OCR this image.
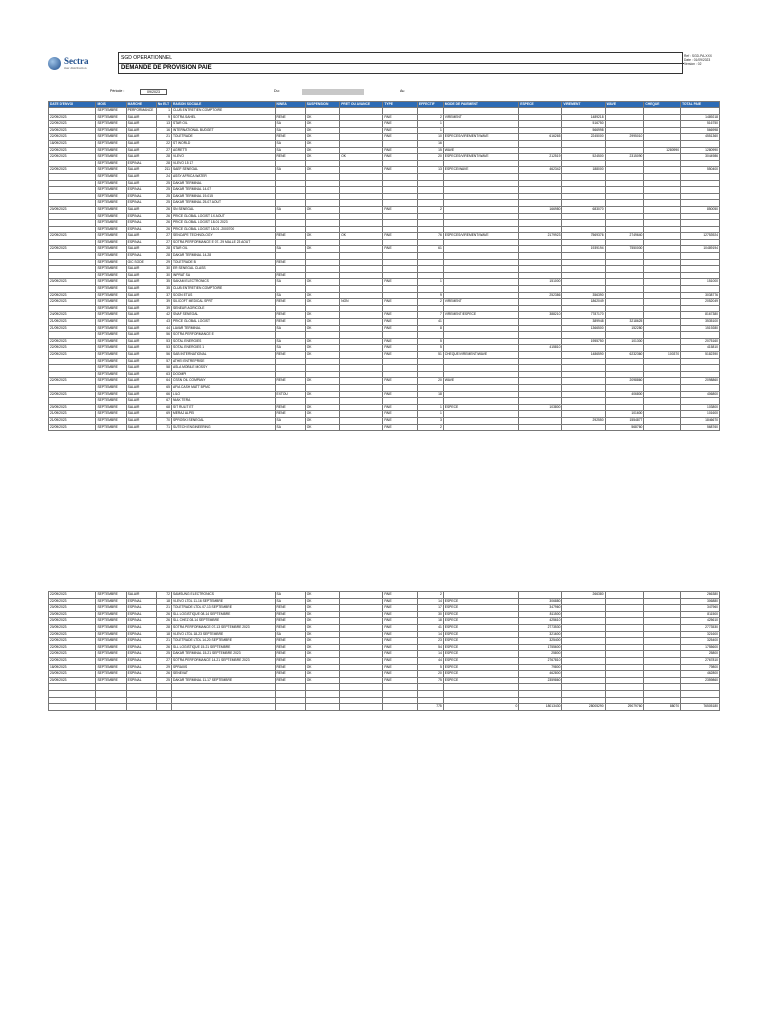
Sectra
mer distribution
SGD OPERATIONNEL
DEMANDE DE PROVISION PAIE
Ref : SGD-PA-XXX
Date : 01/09/2023
Version : 02
Période :	09/2023	Du:	Au
DATE D'ENVOI	MOIS	MARCHE	No ELT	RAISON SOCIALE	NINEA	SUSPENSION	PRET OU AVANCE	TYPE	EFFECTIF	MODE DE PAIEMENT	ESPECE	VIREMENT	WAVE	CHEQUE	TOTAL PAIE
	SEPTEMBRE	PERFORMANCE	1	CLUB ENTRETIEN COMPTOIRE											
22/09/2023	SEPTEMBRE	SALAIR	9	SOTRA SAHEL	RENE	OK		PAIE	2	VIREMENT		1489218			1489218
22/09/2023	SEPTEMBRE	SALAIR	13	STAR OIL	SA	OK		PAIE	1			516750			516750
20/09/2023	SEPTEMBRE	SALAIR	16	INTERNATIONAL BUDGET	SA	OK		PAIE	1			566998			566998
22/09/2023	SEPTEMBRE	SALAIR	21	TOLETRADE	RENE	OK		PAIE	10	ESPECES/VIREMENT/WAVE	616265	2245000	2995010		4551360
18/09/2023	SEPTEMBRE	SALAIR	22	ST WORLD	SA	OK			16						
22/09/2023	SEPTEMBRE	SALAIR	27	AGRETTI	SA	OK		PAIE	15	WAVE				1280990	1280990
22/09/2023	SEPTEMBRE	SALAIR	28	VLEVO	RENE	OK	OK	PAIE	20	ESPECES/VIREMENT/WAVE	212519	524500	2315090		3044986
	SEPTEMBRE	ESPINAL	28	VLEVO 15 17											
22/09/2023	SEPTEMBRE	SALAIR	211	SAEF SENEGAL	SA	OK		PAIE	13	ESPECE/WAVE	462342	188000			550400
	SEPTEMBRE	SALAIR	24	ASSY AFRICA WATER											
	SEPTEMBRE	SALAIR	25	DAKAR TERMINAL											
	SEPTEMBRE	ESPINAL	25	DAKAR TERMINAL 14-07											
	SEPTEMBRE	ESPINAL	25	DAKAR TERMINAL 19-015											
	SEPTEMBRE	ESPINAL	25	DAKAR TERMINAL 25-07 AOUT											
20/09/2023	SEPTEMBRE	SALAIR	26	SN SENEGAL	SA	OK		PAIE	2		166980	683070			850050
	SEPTEMBRE	ESPINAL	26	PRICE GLOBAL LOGIST 1X AOUT											
	SEPTEMBRE	ESPINAL	26	PRICE GLOBAL LOGIST 18-01 2023											
	SEPTEMBRE	ESPINAL	26	PRICE GLOBAL LOGIST 18-01 -2000700											
22/09/2023	SEPTEMBRE	SALAIR	27	SENCAPE TECHNOLOGY	RENE	OK	OK	PAIE	76	ESPECES/VIREMENT/WAVE	2179923	7569376	2749640		12753924
	SEPTEMBRE	ESPINAL	27	SOTRA PERFORMANCE E 07- 29 MALLE 23 AOUT											
22/09/2023	SEPTEMBRE	SALAIR	28	STAR OIL	SA	OK		PAIE	61			1939194	7550000		10489194
	SEPTEMBRE	ESPINAL	28	DAKAR TERMINAL 14-28											
	SEPTEMBRE	GIC SODE	29	TOLETRADE B	RENE										
	SEPTEMBRE	SALAIR	30	ER SENEGAL CLASS											
	SEPTEMBRE	SALAIR	30	INPRAT SA	RENE										
20/09/2023	SEPTEMBRE	SALAIR	35	SAKAM ELECTRONICS	SA	OK		PAIE	1		151000				151000
	SEPTEMBRE	SALAIR	35	CLUB ENTRETIEN COMPTOIRE											
22/09/2023	SEPTEMBRE	SALAIR	37	SOON ETUS	SA	OK			9		252386	356390			3038776
22/09/2023	SEPTEMBRE	SALAIR	39	SILICOFT MEDICAL SPRT	RENE	OK	NON	PAIE	2	VIREMENT		1862049			2052049
	SEPTEMBRE	SALAIR	39	SENEUR AGRICOLE											
24/09/2023	SEPTEMBRE	SALAIR	42	SNAF SENEGAL	RENE	OK		PAIE	7	VIREMENT/ESPECE	388210	7787170			8167380
21/09/2023	SEPTEMBRE	SALAIR	43	PRICE GLOBAL LOGIST	RENE	OK		PAIE	41			389948	3218625		3535100
21/09/2023	SEPTEMBRE	SALAIR	44	LAVAR TERMINAL	SA	OK		PAIE	8			1366500	152280		1519280
	SEPTEMBRE	SALAIR	56	SOTRA PERFORMANCE E											
22/09/2023	SEPTEMBRE	SALAIR	53	SOTAL ENERGIES	SA	OK		PAIE	5			1955750	101300		2075160
22/09/2023	SEPTEMBRE	SALAIR	53	SOTAL ENERGIES 1	SA	OK		PAIE	5		415810				415810
22/09/2023	SEPTEMBRE	SALAIR	56	SAB INTERNATIONAL	RENE	OK		PAIE	51	CHEQUE/VIREMENT/WAVE		1486590	6232360	100370	5182390
	SEPTEMBRE	SALAIR	57	ATHEI ENTREPRISE											
	SEPTEMBRE	SALAIR	58	ASLA MOBILE MOSSY											
	SEPTEMBRE	SALAIR	63	DOOMPI											
22/09/2023	SEPTEMBRE	SALAIR	64	CSSN OIL COMPANY	RENE	OK		PAIE	20	WAVE			2098860		2098860
	SEPTEMBRE	SALAIR	65	AFIA CASH MATT BPMC											
22/09/2023	SEPTEMBRE	SALAIR	66	LILO	EXTOU	OK		PAIE	18				406800		406800
	SEPTEMBRE	SALAIR	67	NIAK TERA											
20/09/2023	SEPTEMBRE	SALAIR	68	SIT RULIT ET	RENE	OK		PAIE	1	ESPECE	103800				103800
21/09/2023	SEPTEMBRE	SALAIR	69	MERAJ ALPEI	RENE	OK		PAIE	1				101600		101600
21/09/2023	SEPTEMBRE	SALAIR	70	SPROSKI SENEGAL	SA	OK		PAIE	3			292550	1554877		1846670
22/09/2023	SEPTEMBRE	SALAIR	71	SUTECH ENGINEERING	SA	OK		PAIE	2				568760		568760
22/09/2023	SEPTEMBRE	SALAIR	72	SAMSUNG ELECTRONICS	SA	OK		PAIE	2			266380			266380
22/09/2023	SEPTEMBRE	ESPINAL	18	VLEVO LTDL 11-16 SEPTEMBRE	SA	OK		PAIE	14	ESPECE	306880				306880
20/09/2023	SEPTEMBRE	ESPINAL	21	TOLETRADE LTDL 07-13 SEPTEMBRE	RENE	OK		PAIE	17	ESPECE	347960				347960
20/09/2023	SEPTEMBRE	ESPINAL	26	SLL LOGISTIQUE 08-14 SEPTEMBRE	RENE	OK		PAIE	30	ESPECE	811500				811500
20/09/2023	SEPTEMBRE	ESPINAL	26	SLL CHEZ 08-14 SEPTEMBRE	RENE	OK		PAIE	18	ESPECE	425610				425610
20/09/2023	SEPTEMBRE	ESPINAL	28	SOTRA PERFORMANCE 07-13 SEPTEMBRE 2023	RENE	OK		PAIE	41	ESPECE	2773530				2773530
22/09/2023	SEPTEMBRE	ESPINAL	18	VLEVO LTDL 18-23 SEPTEMBRE	SA	OK		PAIE	14	ESPECE	321600				321600
22/09/2023	SEPTEMBRE	ESPINAL	21	TOLETRADE LTDL 14-20 SEPTEMBRE	RENE	OK		PAIE	23	ESPECE	325400				325400
22/09/2023	SEPTEMBRE	ESPINAL	26	SLL LOGISTIQUE 15-21 SEPTEMBRE	RENE	OK		PAIE	54	ESPECE	1755600				1755600
22/09/2023	SEPTEMBRE	ESPINAL	25	DAKAR TERMINAL 15-21 SEPTEMBRE 2023	RENE	OK		PAIE	14	ESPECE	25800				25800
22/09/2023	SEPTEMBRE	ESPINAL	27	SOTRA PERFORMANCE 14-21 SEPTEMBRE 2023	RENE	OK		PAIE	44	ESPECE	2767810				2767810
18/09/2023	SEPTEMBRE	ESPINAL	29	SPRAXIS	RENE	OK		PAIE	5	ESPECE	79800				79800
20/09/2023	SEPTEMBRE	ESPINAL	26	SENEVAT	RENE	OK		PAIE	20	ESPECE	462800				462800
20/09/2023	SEPTEMBRE	ESPINAL	25	DAKAR TERMINAL 11-17 SEPTEMBRE	RENE	OK		PAIE	75	ESPECE	2359860				2359860

									775	0	18013430	28005290	29079760	88070	76505180
